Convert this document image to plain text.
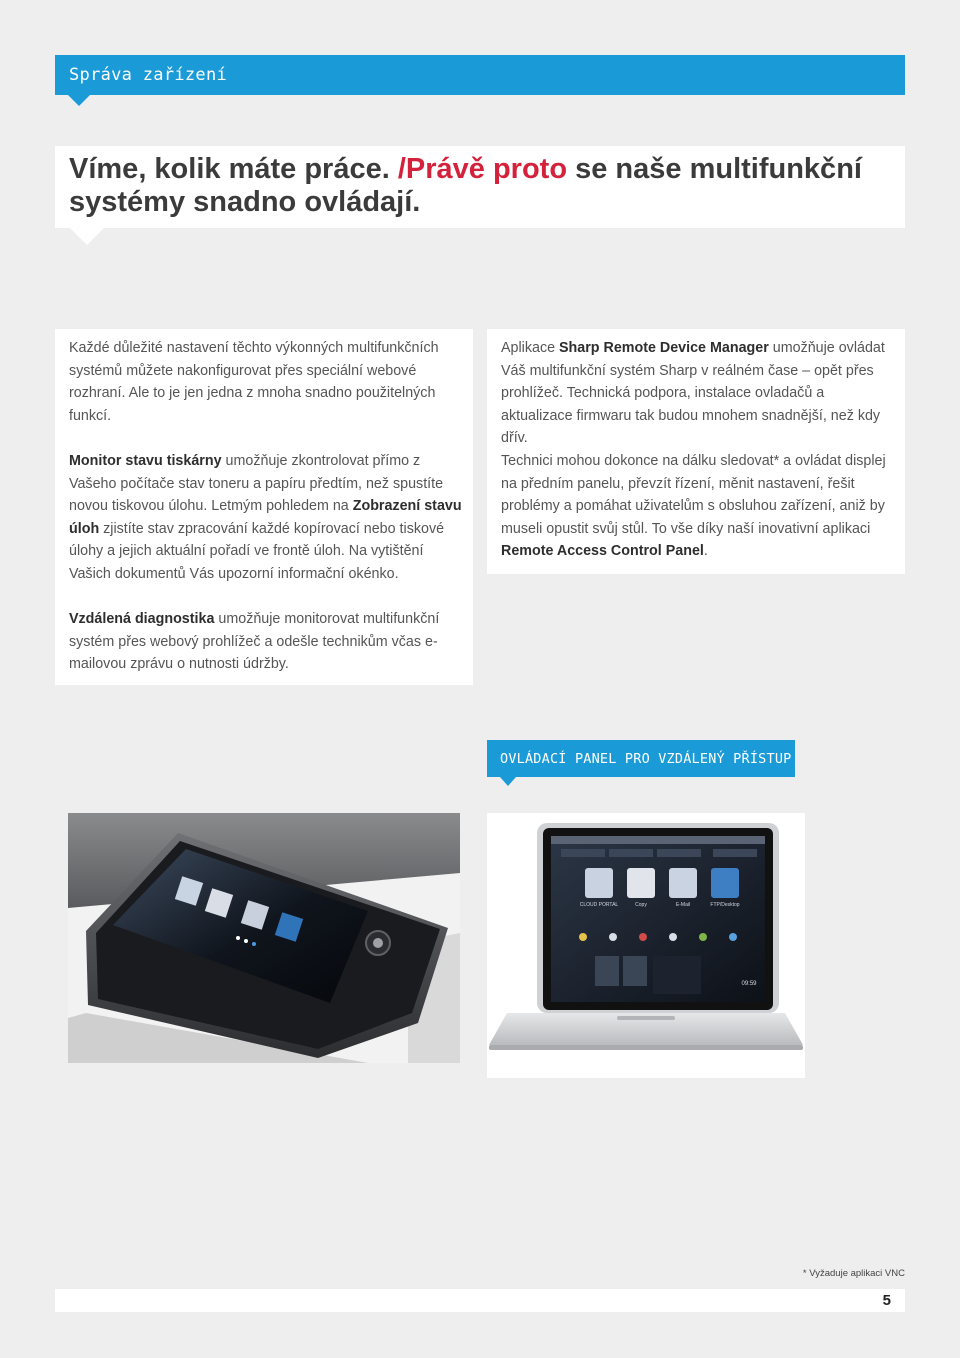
Správa zařízení
Víme, kolik máte práce. /Právě proto se naše multifunkční systémy snadno ovládají.

Každé důležité nastavení těchto výkonných multifunkčních systémů můžete nakonfigurovat přes speciální webové rozhraní. Ale to je jen jedna z mnoha snadno použitelných funkcí.

Monitor stavu tiskárny umožňuje zkontrolovat přímo z Vašeho počítače stav toneru a papíru předtím, než spustíte novou tiskovou úlohu. Letmým pohledem na Zobrazení stavu úloh zjistíte stav zpracování každé kopírovací nebo tiskové úlohy a jejich aktuální pořadí ve frontě úloh. Na vytištění Vašich dokumentů Vás upozorní informační okénko.

Vzdálená diagnostika umožňuje monitorovat multifunkční systém přes webový prohlížeč a odešle technikům včas e-mailovou zprávu o nutnosti údržby.

Aplikace Sharp Remote Device Manager umožňuje ovládat Váš multifunkční systém Sharp v reálném čase – opět přes prohlížeč. Technická podpora, instalace ovladačů a aktualizace firmwaru tak budou mnohem snadnější, než kdy dřív.

Technici mohou dokonce na dálku sledovat* a ovládat displej na předním panelu, převzít řízení, měnit nastavení, řešit problémy a pomáhat uživatelům s obsluhou zařízení, aniž by museli opustit svůj stůl. To vše díky naší inovativní aplikaci Remote Access Control Panel.

OVLÁDACÍ PANEL PRO VZDÁLENÝ PŘÍSTUP
CLOUD PORTAL	Copy	E-Mail	FTP/Desktop
09:59
* Vyžaduje aplikaci VNC
5
